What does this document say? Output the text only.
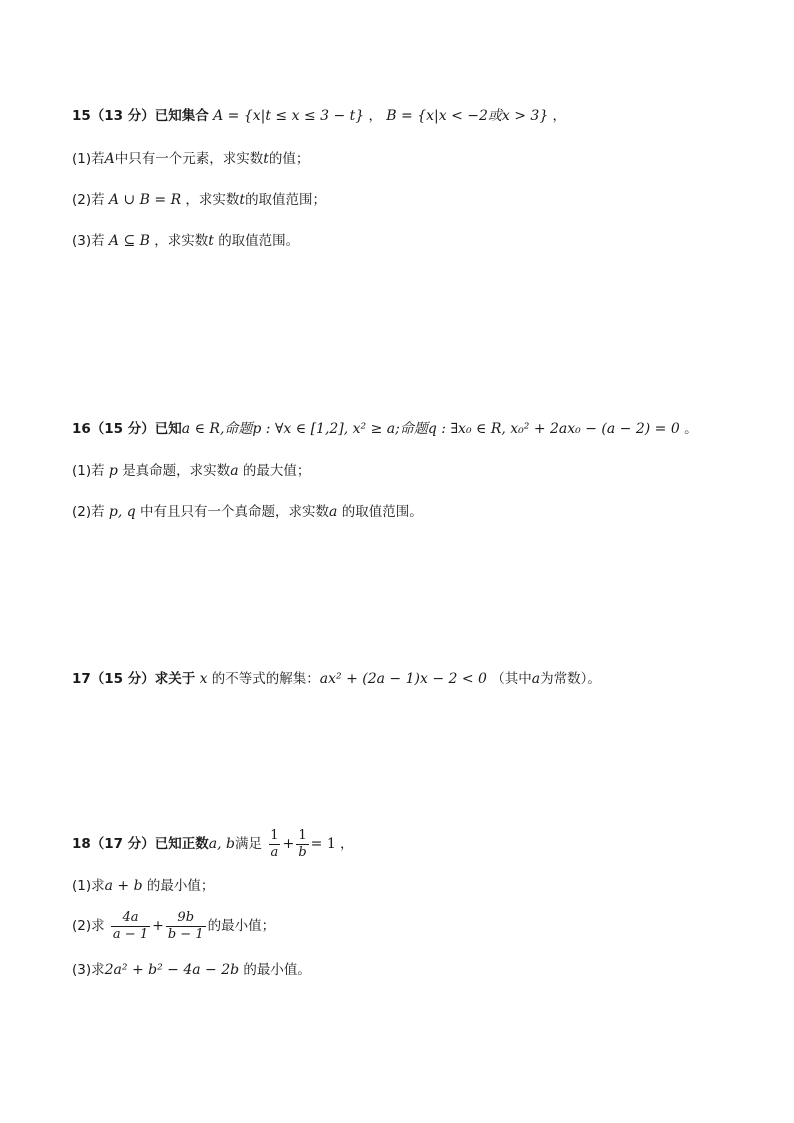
15（13 分）已知集合 A = {x|t ≤ x ≤ 3 − t} ， B = {x|x < −2或x > 3} ，
(1)若A中只有一个元素，求实数t的值；
(2)若 A ∪ B = R ，求实数t的取值范围；
(3)若 A ⊆ B ，求实数t 的取值范围。
16（15 分）已知a ∈ R,命题p : ∀x ∈ [1,2], x² ≥ a;命题q : ∃x₀ ∈ R, x₀² + 2ax₀ − (a − 2) = 0 。
(1)若 p 是真命题，求实数a 的最大值；
(2)若 p, q 中有且只有一个真命题，求实数a 的取值范围。
17（15 分）求关于 x 的不等式的解集：ax² + (2a − 1)x − 2 < 0 （其中a为常数）。
18（17 分）已知正数a, b满足 $\frac{1}{a} + \frac{1}{b} = 1$ ，
(1)求a + b 的最小值；
(2)求 $\frac{4a}{a - 1} + \frac{9b}{b - 1}$ 的最小值；
(3)求2a² + b² − 4a − 2b 的最小值。
